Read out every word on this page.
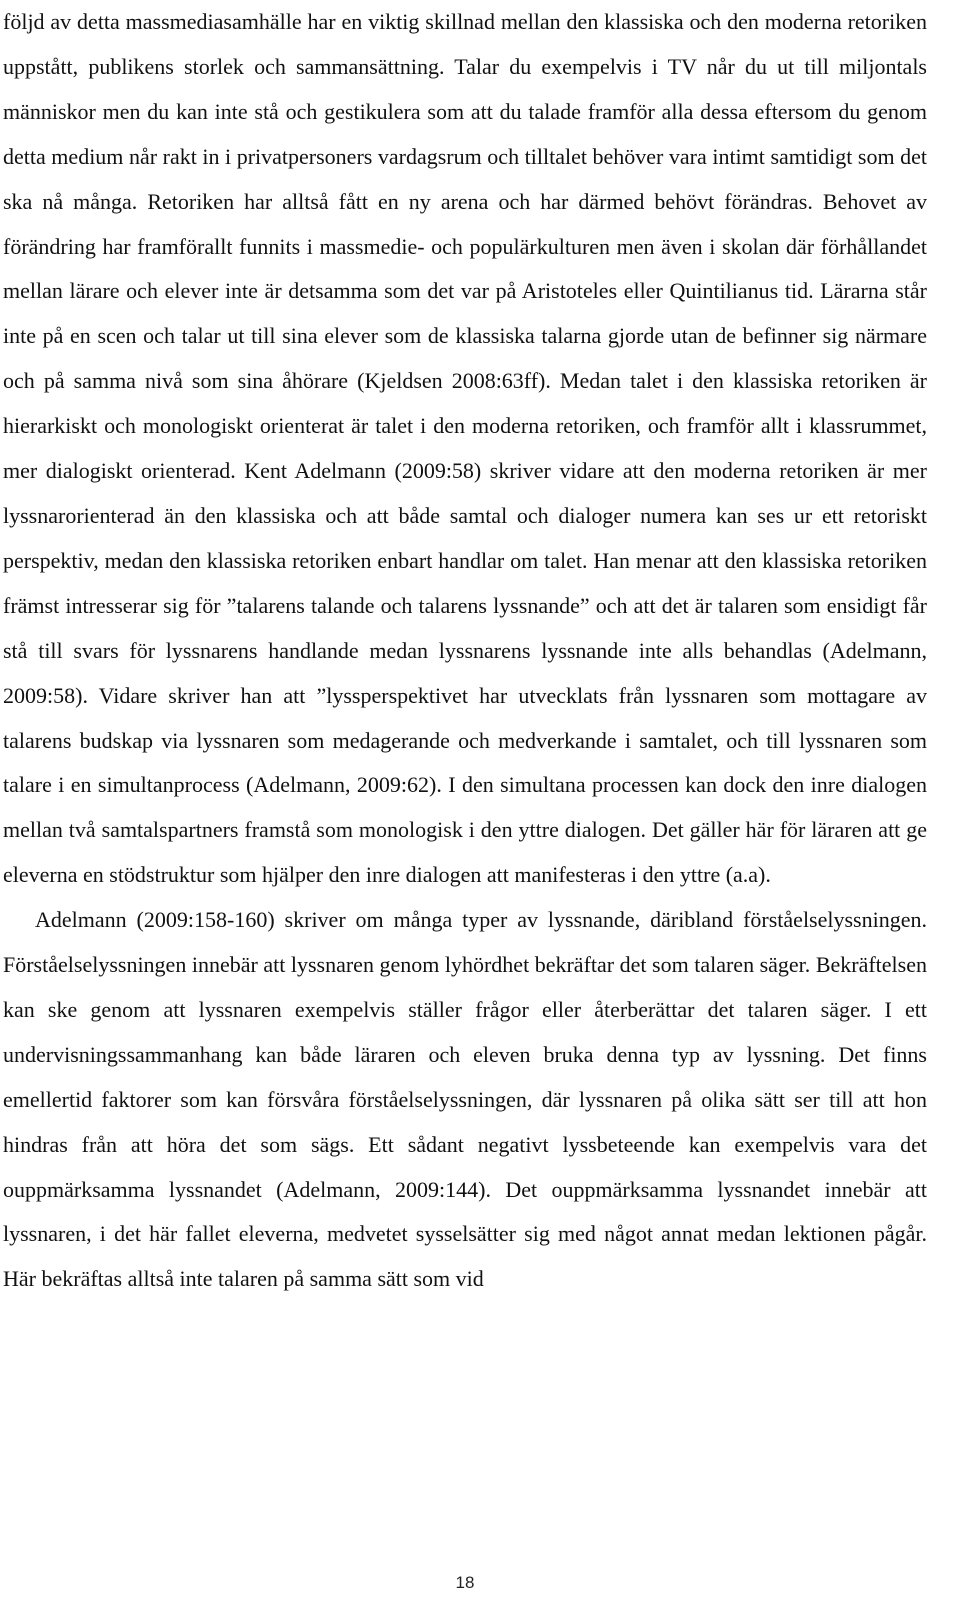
följd av detta massmediasamhälle har en viktig skillnad mellan den klassiska och den moderna retoriken uppstått, publikens storlek och sammansättning. Talar du exempelvis i TV når du ut till miljontals människor men du kan inte stå och gestikulera som att du talade framför alla dessa eftersom du genom detta medium når rakt in i privatpersoners vardagsrum och tilltalet behöver vara intimt samtidigt som det ska nå många. Retoriken har alltså fått en ny arena och har därmed behövt förändras. Behovet av förändring har framförallt funnits i massmedie- och populärkulturen men även i skolan där förhållandet mellan lärare och elever inte är detsamma som det var på Aristoteles eller Quintilianus tid. Lärarna står inte på en scen och talar ut till sina elever som de klassiska talarna gjorde utan de befinner sig närmare och på samma nivå som sina åhörare (Kjeldsen 2008:63ff). Medan talet i den klassiska retoriken är hierarkiskt och monologiskt orienterat är talet i den moderna retoriken, och framför allt i klassrummet, mer dialogiskt orienterad. Kent Adelmann (2009:58) skriver vidare att den moderna retoriken är mer lyssnarorienterad än den klassiska och att både samtal och dialoger numera kan ses ur ett retoriskt perspektiv, medan den klassiska retoriken enbart handlar om talet. Han menar att den klassiska retoriken främst intresserar sig för ”talarens talande och talarens lyssnande” och att det är talaren som ensidigt får stå till svars för lyssnarens handlande medan lyssnarens lyssnande inte alls behandlas (Adelmann, 2009:58). Vidare skriver han att ”lyssperspektivet har utvecklats från lyssnaren som mottagare av talarens budskap via lyssnaren som medagerande och medverkande i samtalet, och till lyssnaren som talare i en simultanprocess (Adelmann, 2009:62). I den simultana processen kan dock den inre dialogen mellan två samtalspartners framstå som monologisk i den yttre dialogen. Det gäller här för läraren att ge eleverna en stödstruktur som hjälper den inre dialogen att manifesteras i den yttre (a.a).

Adelmann (2009:158-160) skriver om många typer av lyssnande, däribland förståelselyssningen. Förståelselyssningen innebär att lyssnaren genom lyhördhet bekräftar det som talaren säger. Bekräftelsen kan ske genom att lyssnaren exempelvis ställer frågor eller återberättar det talaren säger. I ett undervisningssammanhang kan både läraren och eleven bruka denna typ av lyssning. Det finns emellertid faktorer som kan försvåra förståelselyssningen, där lyssnaren på olika sätt ser till att hon hindras från att höra det som sägs. Ett sådant negativt lyssbeteende kan exempelvis vara det ouppmärksamma lyssnandet (Adelmann, 2009:144). Det ouppmärksamma lyssnandet innebär att lyssnaren, i det här fallet eleverna, medvetet sysselsätter sig med något annat medan lektionen pågår. Här bekräftas alltså inte talaren på samma sätt som vid

18
